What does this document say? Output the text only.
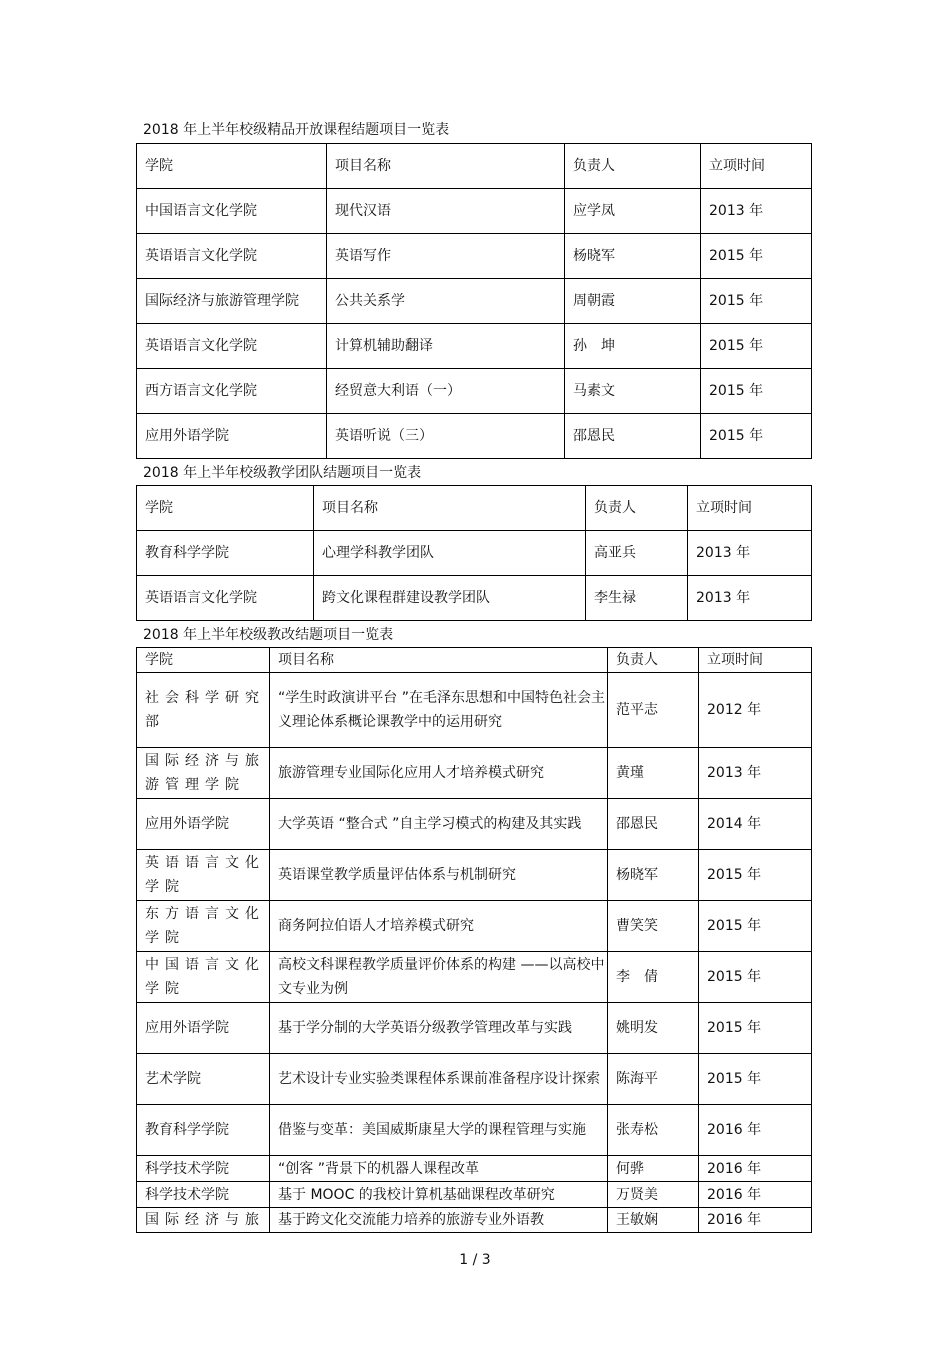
2018 年上半年校级精品开放课程结题项目一览表
学院	项目名称	负责人	立项时间
中国语言文化学院	现代汉语	应学凤	2013 年
英语语言文化学院	英语写作	杨晓军	2015 年
国际经济与旅游管理学院	公共关系学	周朝霞	2015 年
英语语言文化学院	计算机辅助翻译	孙　坤	2015 年
西方语言文化学院	经贸意大利语（一）	马素文	2015 年
应用外语学院	英语听说（三）	邵恩民	2015 年
2018 年上半年校级教学团队结题项目一览表
学院	项目名称	负责人	立项时间
教育科学学院	心理学科教学团队	高亚兵	2013 年
英语语言文化学院	跨文化课程群建设教学团队	李生禄	2013 年
2018 年上半年校级教改结题项目一览表
学院	项目名称	负责人	立项时间
社会科学研究部	“学生时政演讲平台 ”在毛泽东思想和中国特色社会主义理论体系概论课教学中的运用研究	范平志	2012 年
国际经济与旅游管理学院	旅游管理专业国际化应用人才培养模式研究	黄瑾	2013 年
应用外语学院	大学英语 “整合式 ”自主学习模式的构建及其实践	邵恩民	2014 年
英语语言文化学院	英语课堂教学质量评估体系与机制研究	杨晓军	2015 年
东方语言文化学院	商务阿拉伯语人才培养模式研究	曹笑笑	2015 年
中国语言文化学院	高校文科课程教学质量评价体系的构建 ——以高校中文专业为例	李　倩	2015 年
应用外语学院	基于学分制的大学英语分级教学管理改革与实践	姚明发	2015 年
艺术学院	艺术设计专业实验类课程体系课前准备程序设计探索	陈海平	2015 年
教育科学学院	借鉴与变革：美国威斯康星大学的课程管理与实施	张寿松	2016 年
科学技术学院	“创客 ”背景下的机器人课程改革	何骅	2016 年
科学技术学院	基于 MOOC 的我校计算机基础课程改革研究	万贤美	2016 年
国际经济与旅	基于跨文化交流能力培养的旅游专业外语教	王敏娴	2016 年
1 / 3
